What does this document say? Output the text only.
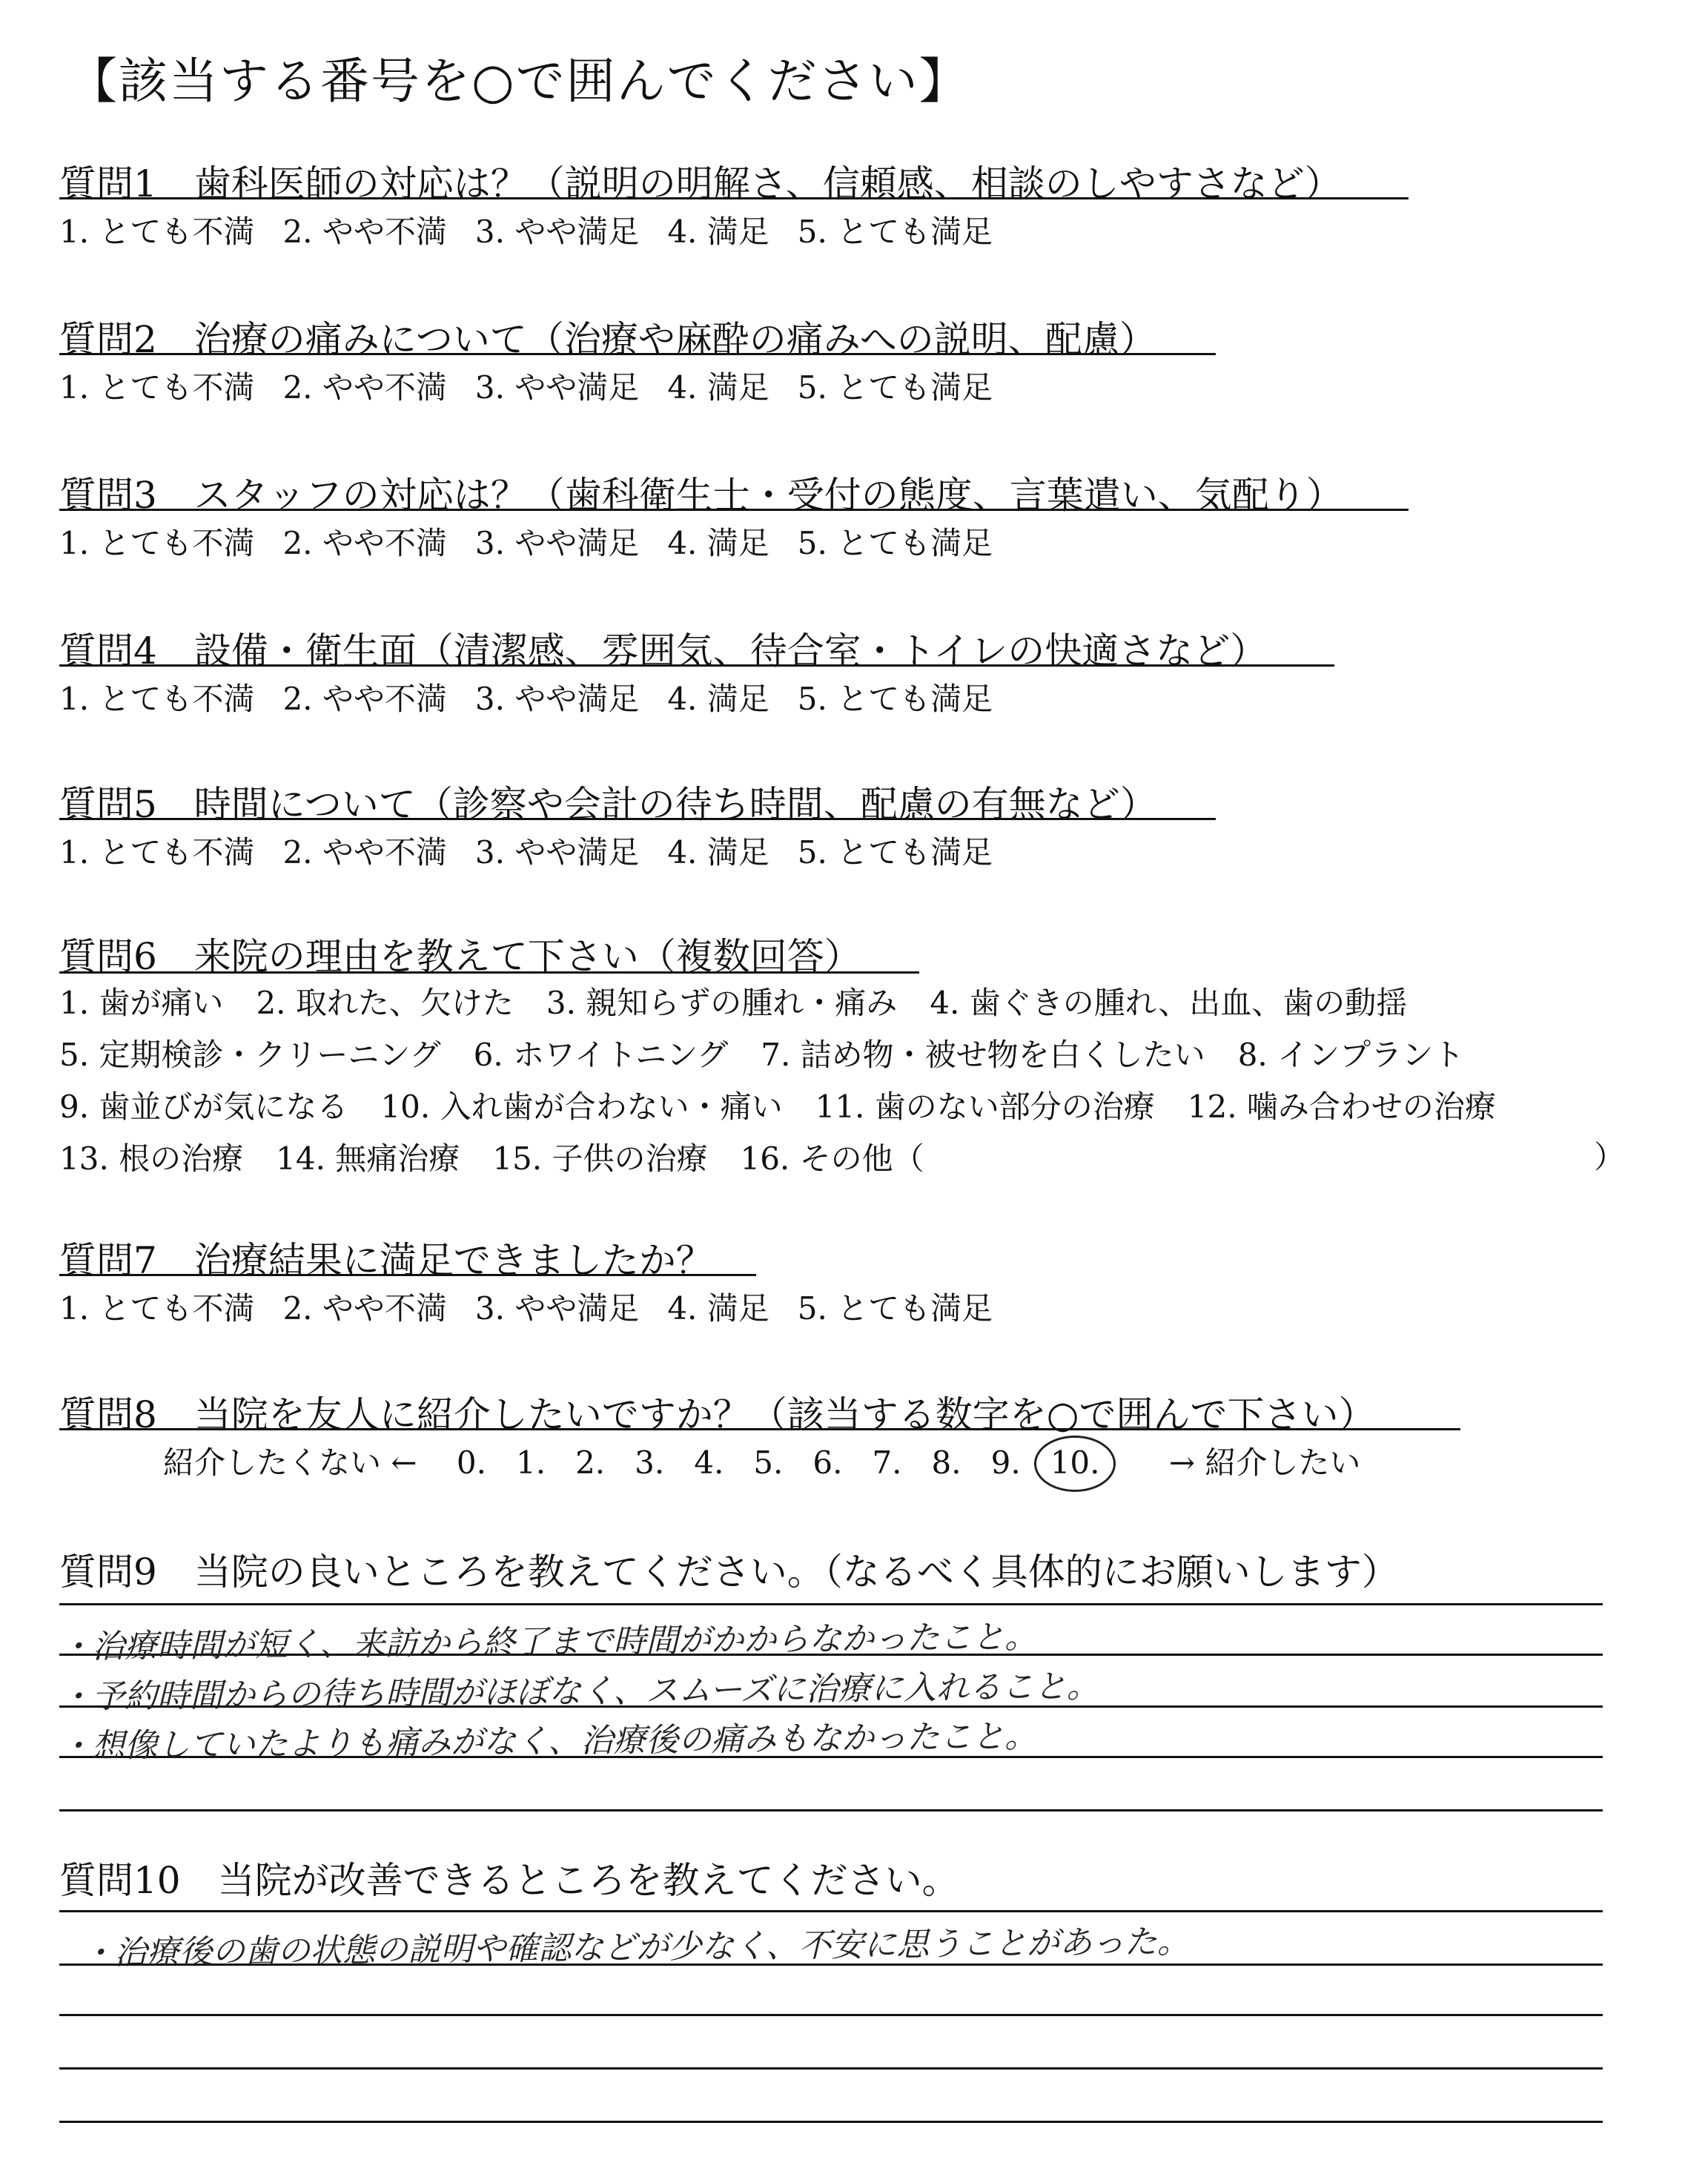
【該当する番号を○で囲んでください】
質問1　歯科医師の対応は？（説明の明解さ、信頼感、相談のしやすさなど）
1. とても不満 2. やや不満 3. やや満足 4. 満足 5. とても満足
質問2　治療の痛みについて（治療や麻酔の痛みへの説明、配慮）
1. とても不満 2. やや不満 3. やや満足 4. 満足 5. とても満足
質問3　スタッフの対応は？（歯科衛生士・受付の態度、言葉遣い、気配り）
1. とても不満 2. やや不満 3. やや満足 4. 満足 5. とても満足
質問4　設備・衛生面（清潔感、雰囲気、待合室・トイレの快適さなど）
1. とても不満 2. やや不満 3. やや満足 4. 満足 5. とても満足
質問5　時間について（診察や会計の待ち時間、配慮の有無など）
1. とても不満 2. やや不満 3. やや満足 4. 満足 5. とても満足
質問7　治療結果に満足できましたか？
1. とても不満 2. やや不満 3. やや満足 4. 満足 5. とても満足
質問6　来院の理由を教えて下さい（複数回答）
1. 歯が痛い 2. 取れた、欠けた 3. 親知らずの腫れ・痛み 4. 歯ぐきの腫れ、出血、歯の動揺
5. 定期検診・クリーニング 6. ホワイトニング 7. 詰め物・被せ物を白くしたい 8. インプラント
9. 歯並びが気になる 10. 入れ歯が合わない・痛い 11. 歯のない部分の治療 12. 噛み合わせの治療
13. 根の治療 14. 無痛治療 15. 子供の治療 16. その他（	）
質問8　当院を友人に紹介したいですか？（該当する数字を○で囲んで下さい）
紹介したくない ← 0. 1. 2. 3. 4. 5. 6. 7. 8. 9. 10. → 紹介したい
質問9　当院の良いところを教えてください。（なるべく具体的にお願いします）
・治療時間が短く、来訪から終了まで時間がかからなかったこと。
・予約時間からの待ち時間がほぼなく、スムーズに治療に入れること。
・想像していたよりも痛みがなく、治療後の痛みもなかったこと。
質問10　当院が改善できるところを教えてください。
・治療後の歯の状態の説明や確認などが少なく、不安に思うことがあった。
